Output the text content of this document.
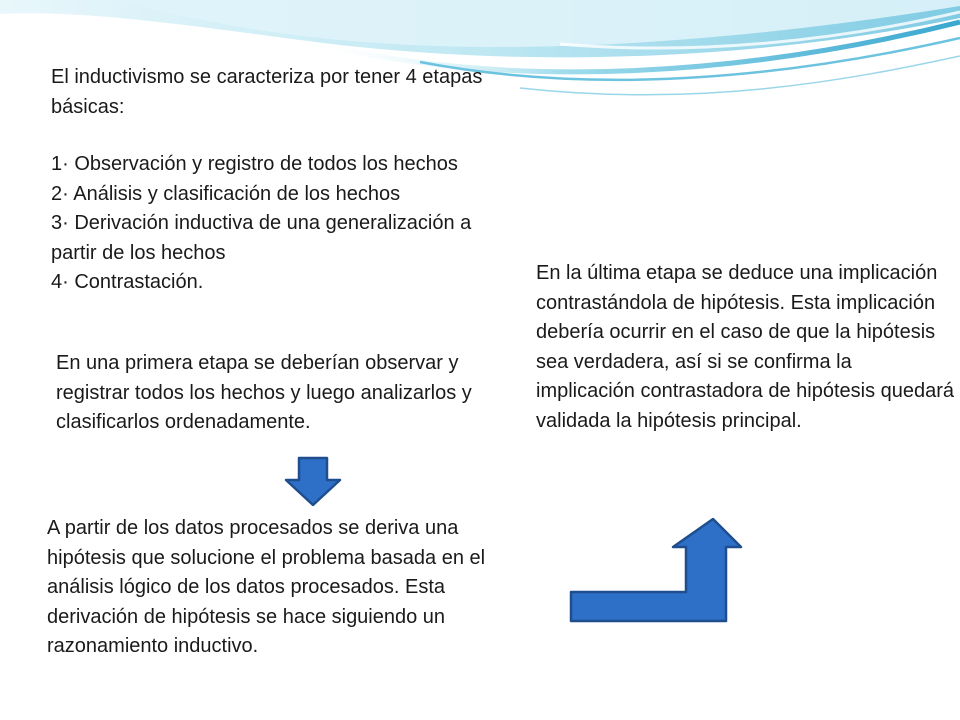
El inductivismo se caracteriza por tener 4 etapas básicas:

1· Observación y registro de todos los hechos
2· Análisis y clasificación de los hechos
3· Derivación inductiva de una generalización a partir de los hechos
4· Contrastación.

En una primera etapa se deberían observar y registrar todos los hechos y luego analizarlos y clasificarlos ordenadamente.

A partir de los datos procesados se deriva una hipótesis que solucione el problema basada en el análisis lógico de los datos procesados. Esta derivación de hipótesis se hace siguiendo un razonamiento inductivo.

En la última etapa se deduce una implicación contrastándola de hipótesis. Esta implicación debería ocurrir en el caso de que la hipótesis sea verdadera, así si se confirma la implicación contrastadora de hipótesis quedará validada la hipótesis principal.
